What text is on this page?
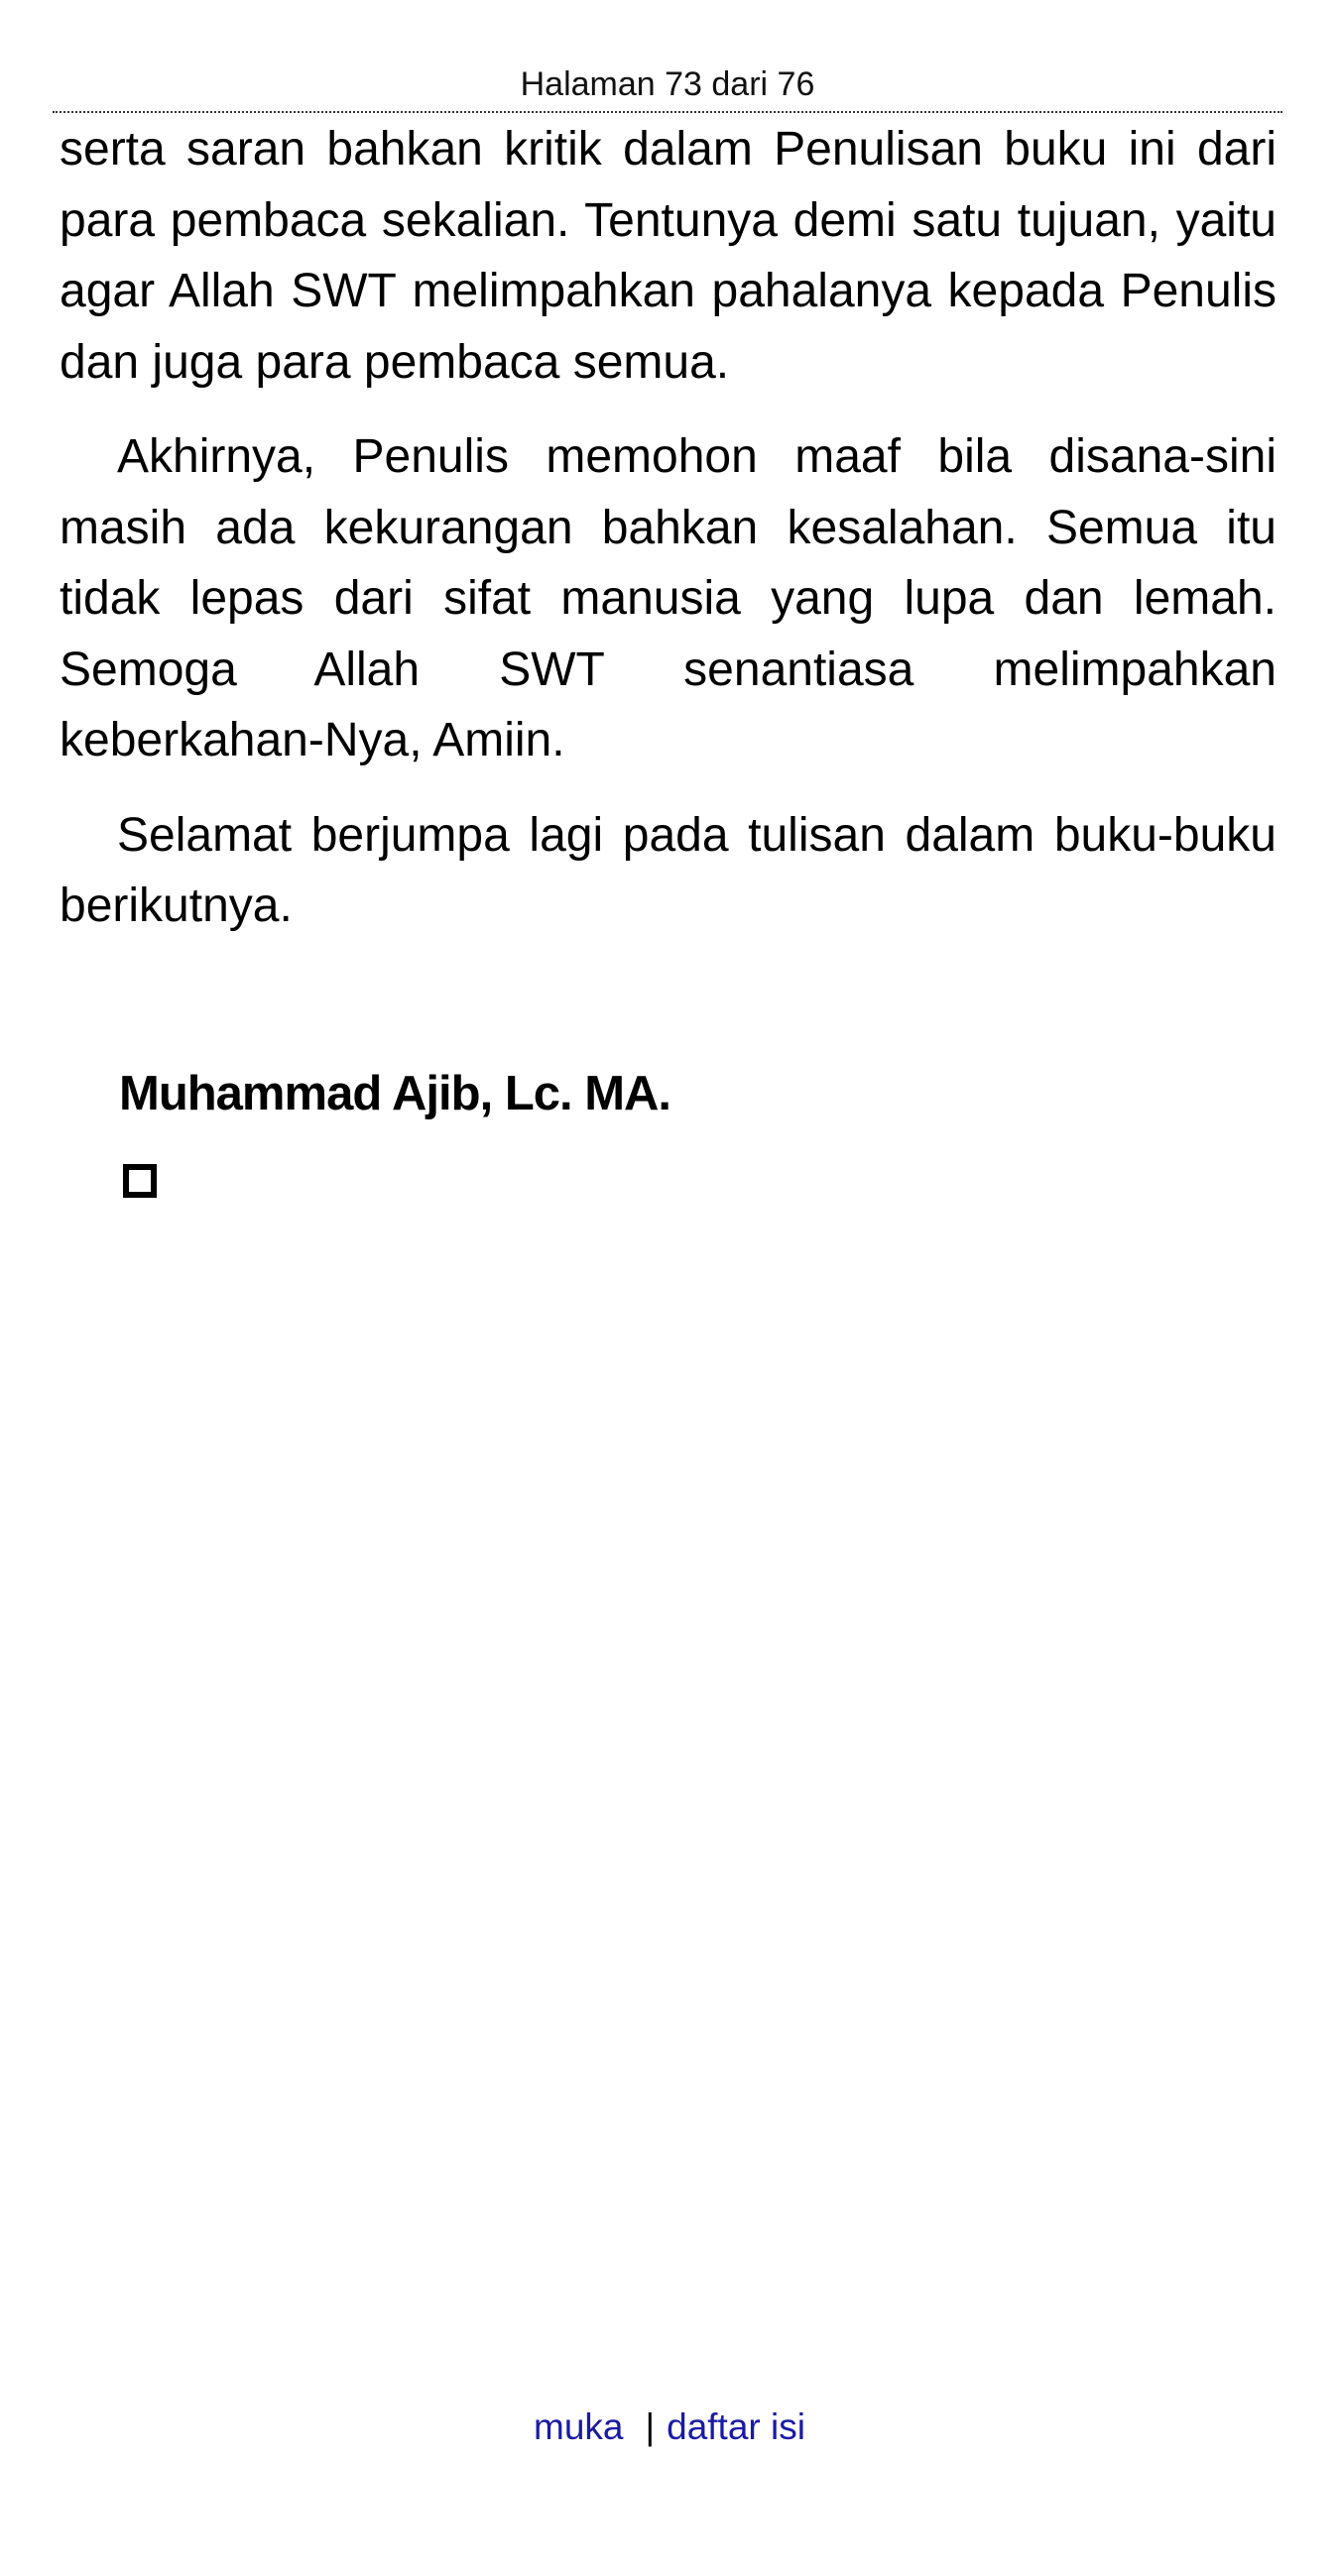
Halaman 73 dari 76

serta saran bahkan kritik dalam Penulisan buku ini dari para pembaca sekalian. Tentunya demi satu tujuan, yaitu agar Allah SWT melimpahkan pahalanya kepada Penulis dan juga para pembaca semua.

Akhirnya, Penulis memohon maaf bila disana-sini masih ada kekurangan bahkan kesalahan. Semua itu tidak lepas dari sifat manusia yang lupa dan lemah. Semoga Allah SWT senantiasa melimpahkan keberkahan-Nya, Amiin.

Selamat berjumpa lagi pada tulisan dalam buku-buku berikutnya.

Muhammad Ajib, Lc. MA.
muka | daftar isi
